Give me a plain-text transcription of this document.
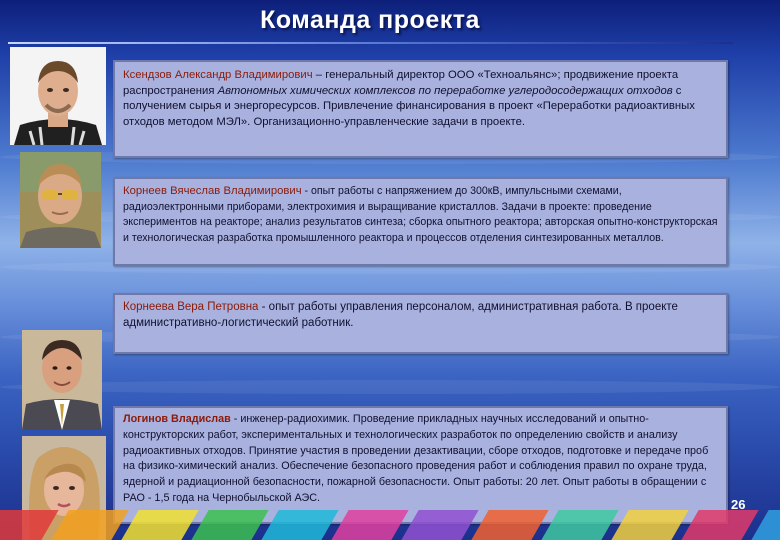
Команда проекта
Ксендзов Александр Владимирович – генеральный директор ООО «Техноальянс»; продвижение проекта распространения Автономных химических комплексов по переработке углеродосодержащих отходов с получением сырья и энергоресурсов. Привлечение финансирования в проект «Переработки радиоактивных отходов методом МЭЛ». Организационно-управленческие задачи в проекте.
Корнеев Вячеслав Владимирович - опыт работы с напряжением до 300кВ, импульсными схемами, радиоэлектронными приборами, электрохимия и выращивание кристаллов. Задачи в проекте: проведение экспериментов на реакторе; анализ результатов синтеза; сборка опытного реактора; авторская опытно-конструкторская и технологическая разработка промышленного реактора и процессов отделения синтезированных металлов.
Корнеева Вера Петровна - опыт работы управления персоналом, административная работа. В проекте административно-логистический работник.
Логинов Владислав - инженер-радиохимик. Проведение прикладных научных исследований и опытно-конструкторских работ, экспериментальных и технологических разработок по определению свойств и анализу радиоактивных отходов. Принятие участия в проведении дезактивации, сборе отходов, подготовке и передаче проб на физико-химический анализ. Обеспечение безопасного проведения работ и соблюдения правил по охране труда, ядерной и радиационной безопасности, пожарной безопасности. Опыт работы: 20 лет. Опыт работы в обращении с РАО - 1,5 года на Чернобыльской АЭС.	26
